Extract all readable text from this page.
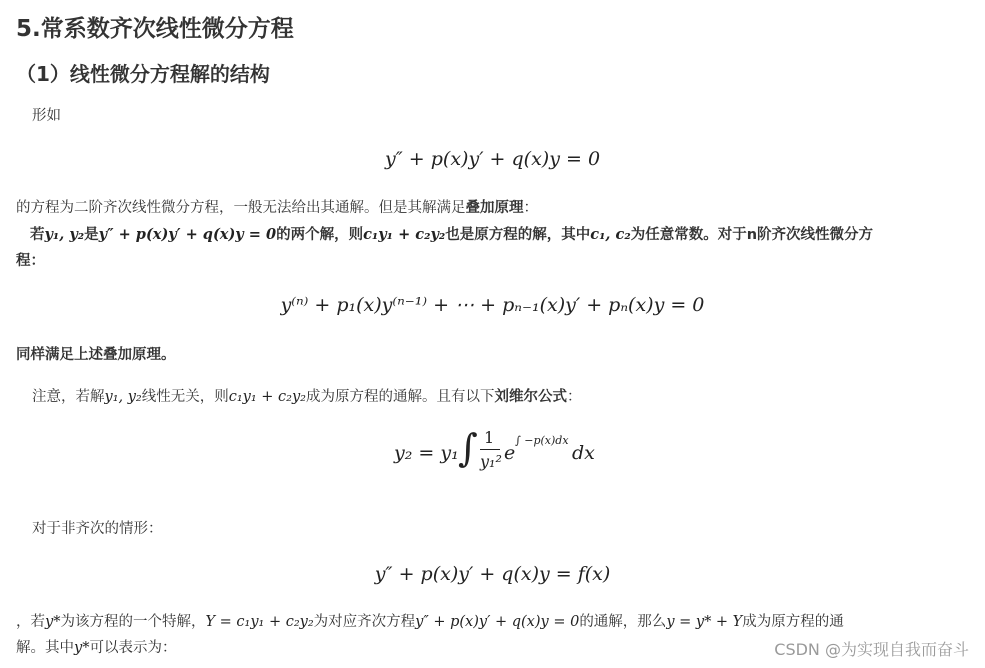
5.常系数齐次线性微分方程
（1）线性微分方程解的结构

形如

y″ + p(x)y′ + q(x)y = 0

的方程为二阶齐次线性微分方程，一般无法给出其通解。但是其解满足叠加原理：

若y₁, y₂是y″ + p(x)y′ + q(x)y = 0的两个解，则c₁y₁ + c₂y₂也是原方程的解，其中c₁, c₂为任意常数。对于n阶齐次线性微分方

程：

y⁽ⁿ⁾ + p₁(x)y⁽ⁿ⁻¹⁾ + ⋯ + pₙ₋₁(x)y′ + pₙ(x)y = 0

同样满足上述叠加原理。

注意，若解y₁, y₂线性无关，则c₁y₁ + c₂y₂成为原方程的通解。且有以下刘维尔公式：

y₂ = y₁ ∫ 1
y₁² e
∫ −p(x)dx
dx

对于非齐次的情形：

y″ + p(x)y′ + q(x)y = f(x)

，若y*为该方程的一个特解，Y = c₁y₁ + c₂y₂为对应齐次方程y″ + p(x)y′ + q(x)y = 0的通解，那么y = y* + Y成为原方程的通

解。其中y*可以表示为：	CSDN @为实现自我而奋斗
